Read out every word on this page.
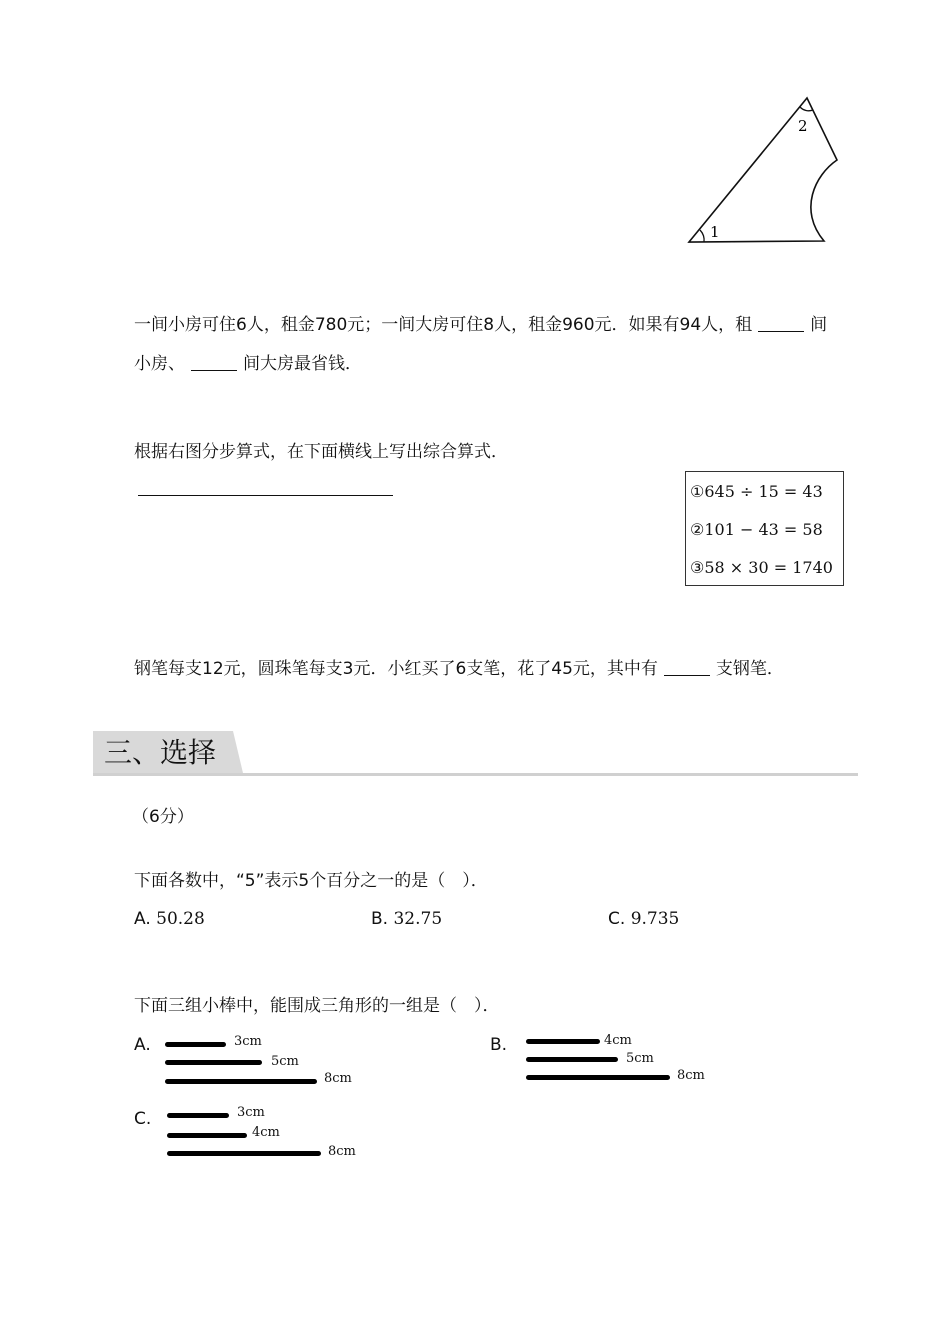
1
2
一间小房可住6人，租金780元；一间大房可住8人，租金960元．如果有94人，租	间
小房、	间大房最省钱．
根据右图分步算式，在下面横线上写出综合算式．
①645 ÷ 15 = 43
②101 − 43 = 58
③58 × 30 = 1740
钢笔每支12元，圆珠笔每支3元．小红买了6支笔，花了45元，其中有	支钢笔．
三、选择
（6分）
下面各数中，“5”表示5个百分之一的是（　）．
A. 50.28	B. 32.75	C. 9.735
下面三组小棒中，能围成三角形的一组是（　）．
A.	3cm
5cm
8cm
B.	4cm
5cm
8cm
C.	3cm
4cm
8cm
